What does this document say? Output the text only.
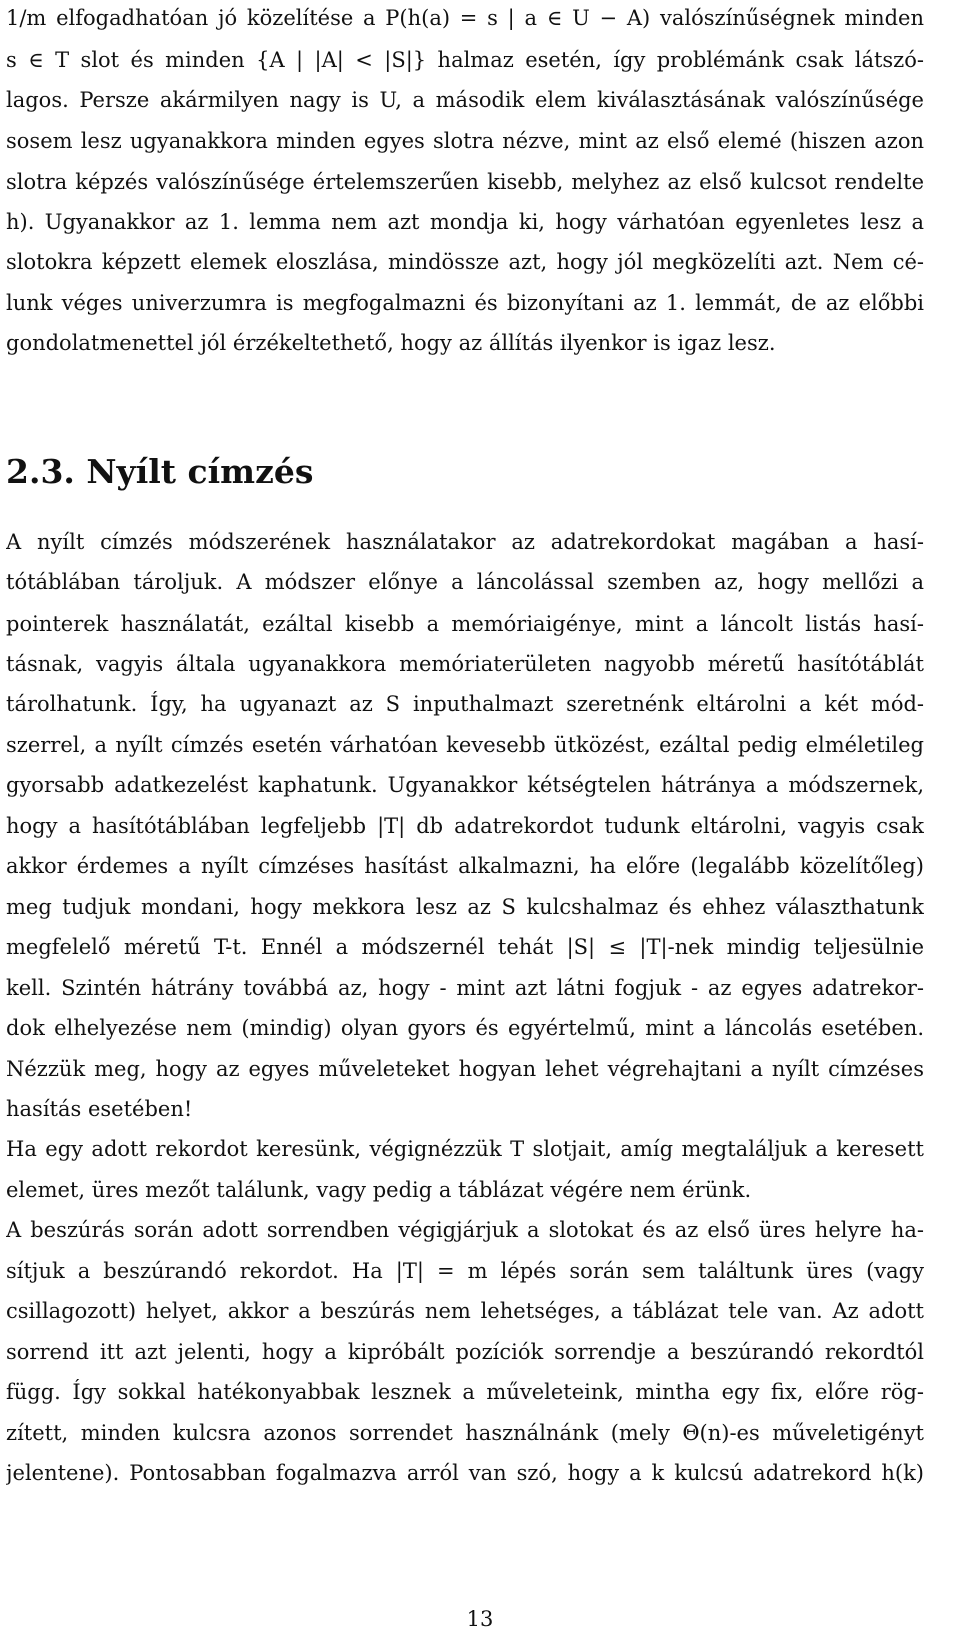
1/m elfogadhatóan jó közelítése a P(h(a) = s | a ∈ U − A) valószínűségnek minden
s ∈ T slot és minden {A | |A| < |S|} halmaz esetén, így problémánk csak látszó-
lagos. Persze akármilyen nagy is U, a második elem kiválasztásának valószínűsége
sosem lesz ugyanakkora minden egyes slotra nézve, mint az első elemé (hiszen azon
slotra képzés valószínűsége értelemszerűen kisebb, melyhez az első kulcsot rendelte
h). Ugyanakkor az 1. lemma nem azt mondja ki, hogy várhatóan egyenletes lesz a
slotokra képzett elemek eloszlása, mindössze azt, hogy jól megközelíti azt. Nem cé-
lunk véges univerzumra is megfogalmazni és bizonyítani az 1. lemmát, de az előbbi
gondolatmenettel jól érzékeltethető, hogy az állítás ilyenkor is igaz lesz.
2.3. Nyílt címzés
A nyílt címzés módszerének használatakor az adatrekordokat magában a hasí-
tótáblában tároljuk. A módszer előnye a láncolással szemben az, hogy mellőzi a
pointerek használatát, ezáltal kisebb a memóriaigénye, mint a láncolt listás hasí-
tásnak, vagyis általa ugyanakkora memóriaterületen nagyobb méretű hasítótáblát
tárolhatunk. Így, ha ugyanazt az S inputhalmazt szeretnénk eltárolni a két mód-
szerrel, a nyílt címzés esetén várhatóan kevesebb ütközést, ezáltal pedig elméletileg
gyorsabb adatkezelést kaphatunk. Ugyanakkor kétségtelen hátránya a módszernek,
hogy a hasítótáblában legfeljebb |T| db adatrekordot tudunk eltárolni, vagyis csak
akkor érdemes a nyílt címzéses hasítást alkalmazni, ha előre (legalább közelítőleg)
meg tudjuk mondani, hogy mekkora lesz az S kulcshalmaz és ehhez választhatunk
megfelelő méretű T-t. Ennél a módszernél tehát |S| ≤ |T|-nek mindig teljesülnie
kell. Szintén hátrány továbbá az, hogy - mint azt látni fogjuk - az egyes adatrekor-
dok elhelyezése nem (mindig) olyan gyors és egyértelmű, mint a láncolás esetében.
Nézzük meg, hogy az egyes műveleteket hogyan lehet végrehajtani a nyílt címzéses
hasítás esetében!
Ha egy adott rekordot keresünk, végignézzük T slotjait, amíg megtaláljuk a keresett
elemet, üres mezőt találunk, vagy pedig a táblázat végére nem érünk.
A beszúrás során adott sorrendben végigjárjuk a slotokat és az első üres helyre ha-
sítjuk a beszúrandó rekordot. Ha |T| = m lépés során sem találtunk üres (vagy
csillagozott) helyet, akkor a beszúrás nem lehetséges, a táblázat tele van. Az adott
sorrend itt azt jelenti, hogy a kipróbált pozíciók sorrendje a beszúrandó rekordtól
függ. Így sokkal hatékonyabbak lesznek a műveleteink, mintha egy fix, előre rög-
zített, minden kulcsra azonos sorrendet használnánk (mely Θ(n)-es műveletigényt
jelentene). Pontosabban fogalmazva arról van szó, hogy a k kulcsú adatrekord h(k)
13
